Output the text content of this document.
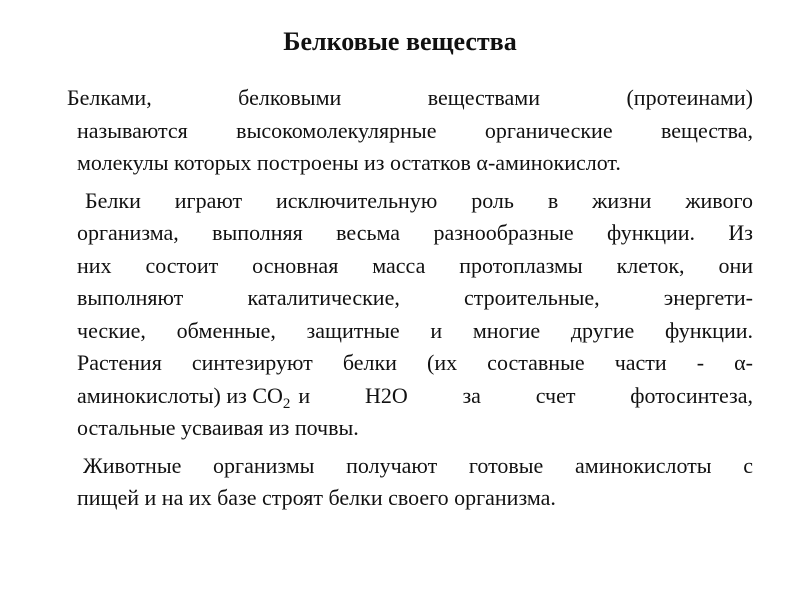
Белковые вещества

Белками, белковыми веществами (протеинами)
называются высокомолекулярные органические вещества,
молекулы которых построены из остатков α-аминокислот.

Белки играют исключительную роль в жизни живого
организма, выполняя весьма разнообразные функции. Из
них состоит основная масса протоплазмы клеток, они
выполняют каталитические, строительные, энергети-
ческие, обменные, защитные и многие другие функции.
Растения синтезируют белки (их составные части - α-
аминокислоты) из $CO_2$ и H2O за счет фотосинтеза,
остальные усваивая из почвы.

Животные организмы получают готовые аминокислоты с
пищей и на их базе строят белки своего организма.
